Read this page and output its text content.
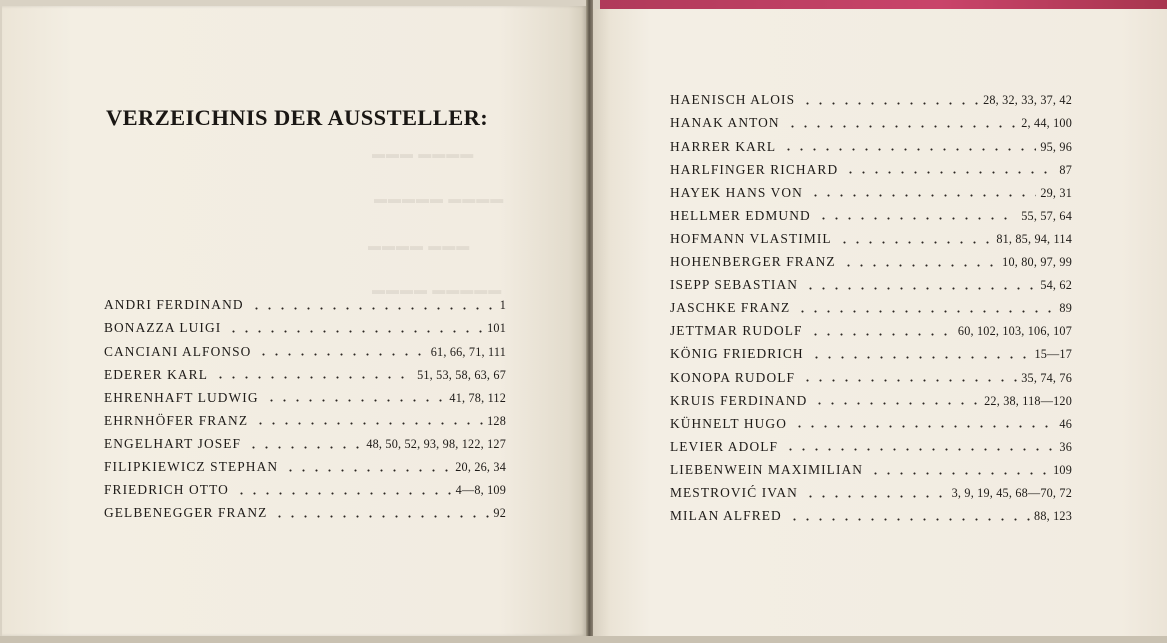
▬▬▬ ▬▬▬▬
▬▬▬▬▬ ▬▬▬▬
▬▬▬▬ ▬▬▬
▬▬▬▬ ▬▬▬▬▬
VERZEICHNIS DER AUSSTELLER:
ANDRI FERDINAND	1
BONAZZA LUIGI	101
CANCIANI ALFONSO	61, 66, 71, 111
EDERER KARL	51, 53, 58, 63, 67
EHRENHAFT LUDWIG	41, 78, 112
EHRNHÖFER FRANZ	128
ENGELHART JOSEF	48, 50, 52, 93, 98, 122, 127
FILIPKIEWICZ STEPHAN	20, 26, 34
FRIEDRICH OTTO	4—8, 109
GELBENEGGER FRANZ	92
HAENISCH ALOIS	28, 32, 33, 37, 42
HANAK ANTON	2, 44, 100
HARRER KARL	95, 96
HARLFINGER RICHARD	87
HAYEK HANS VON	29, 31
HELLMER EDMUND	55, 57, 64
HOFMANN VLASTIMIL	81, 85, 94, 114
HOHENBERGER FRANZ	10, 80, 97, 99
ISEPP SEBASTIAN	54, 62
JASCHKE FRANZ	89
JETTMAR RUDOLF	60, 102, 103, 106, 107
KÖNIG FRIEDRICH	15—17
KONOPA RUDOLF	35, 74, 76
KRUIS FERDINAND	22, 38, 118—120
KÜHNELT HUGO	46
LEVIER ADOLF	36
LIEBENWEIN MAXIMILIAN	109
MESTROVIĆ IVAN	3, 9, 19, 45, 68—70, 72
MILAN ALFRED	88, 123
